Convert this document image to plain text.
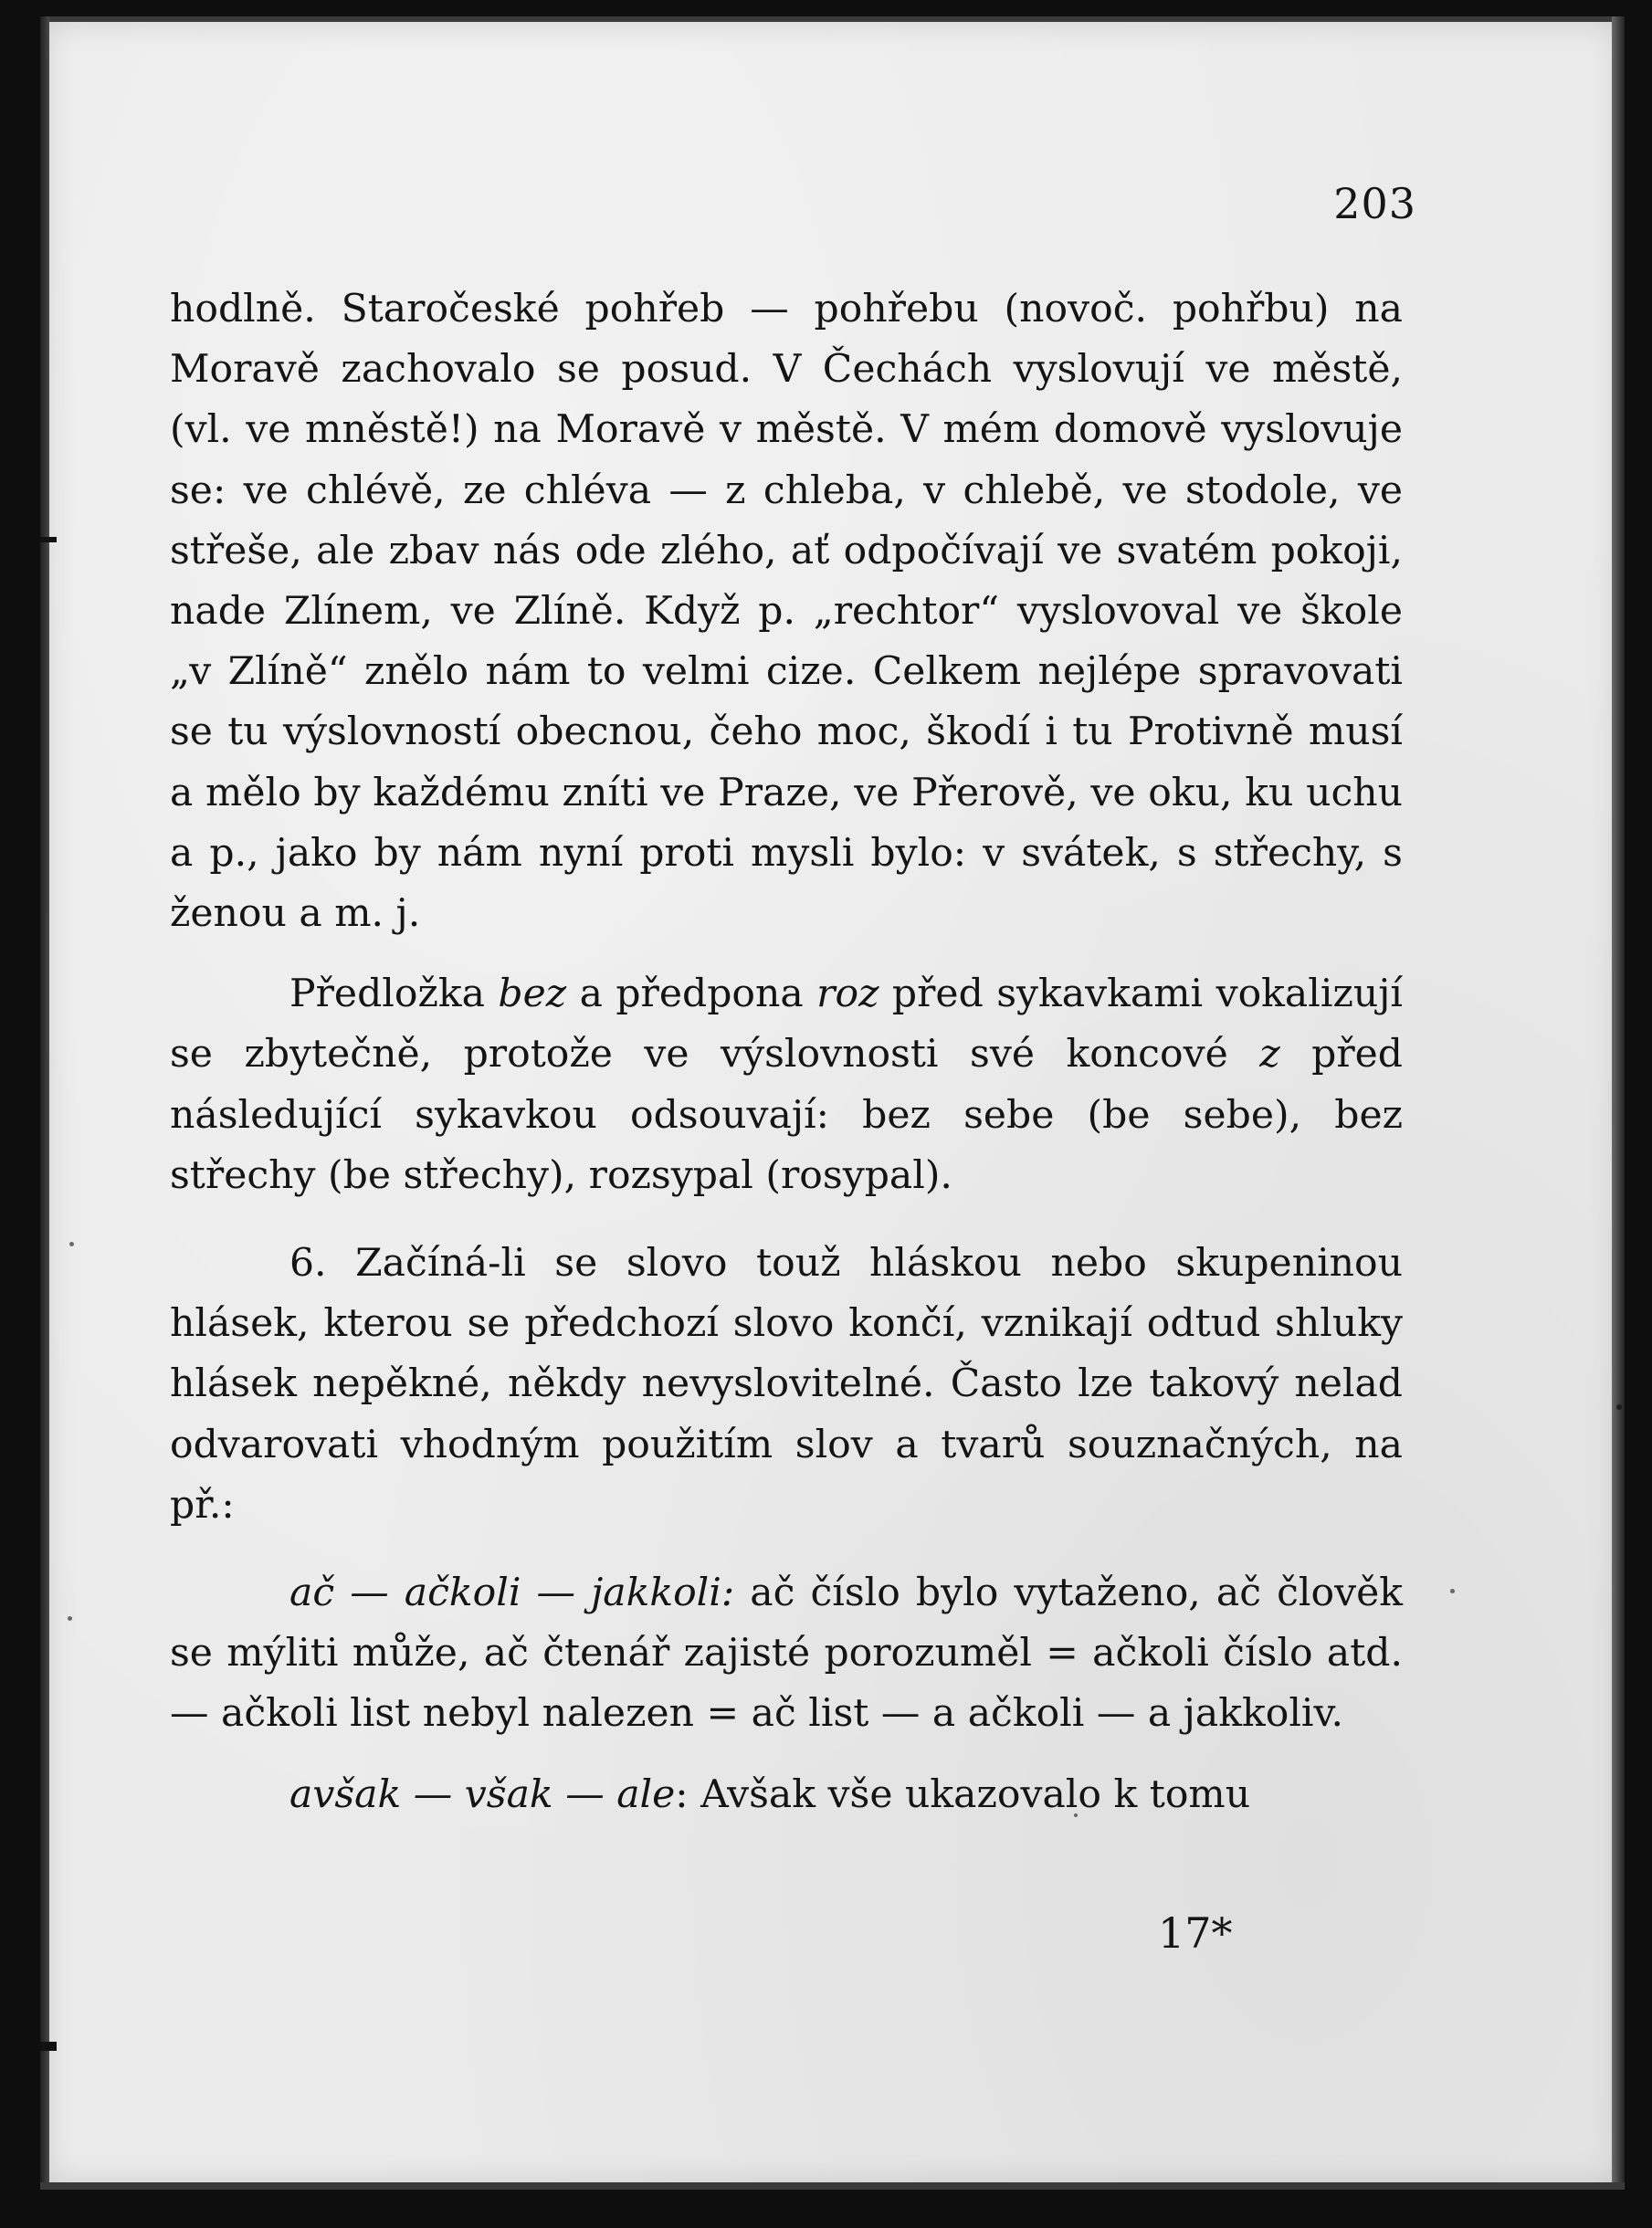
203

hodlně. Staročeské pohřeb — pohřebu (novoč. pohřbu) na Moravě zachovalo se posud. V Čechách vyslovují ve městě, (vl. ve mněstě!) na Moravě v městě. V mém domově vyslovuje se: ve chlévě, ze chléva — z chleba, v chlebě, ve stodole, ve střeše, ale zbav nás ode zlého, ať odpočívají ve svatém pokoji, nade Zlínem, ve Zlíně. Když p. „rechtor“ vyslovoval ve škole „v Zlíně“ znělo nám to velmi cize. Celkem nejlépe spravovati se tu výslovností obecnou, čeho moc, škodí i tu Protivně musí a mělo by každému zníti ve Praze, ve Přerově, ve oku, ku uchu a p., jako by nám nyní proti mysli bylo: v svátek, s střechy, s ženou a m. j.

Předložka bez a předpona roz před sykavkami vokalizují se zbytečně, protože ve výslovnosti své koncové z před následující sykavkou odsouvají: bez sebe (be sebe), bez střechy (be střechy), rozsypal (rosypal).

6. Začíná-li se slovo touž hláskou nebo skupeninou hlásek, kterou se předchozí slovo končí, vznikají odtud shluky hlásek nepěkné, někdy nevyslovitelné. Často lze takový nelad odvarovati vhodným použitím slov a tvarů souznačných, na př.:

ač — ačkoli — jakkoli: ač číslo bylo vytaženo, ač člověk se mýliti může, ač čtenář zajisté porozuměl = ačkoli číslo atd. — ačkoli list nebyl nalezen = ač list — a ačkoli — a jakkoliv.

avšak — však — ale: Avšak vše ukazovalo k tomu

17*
